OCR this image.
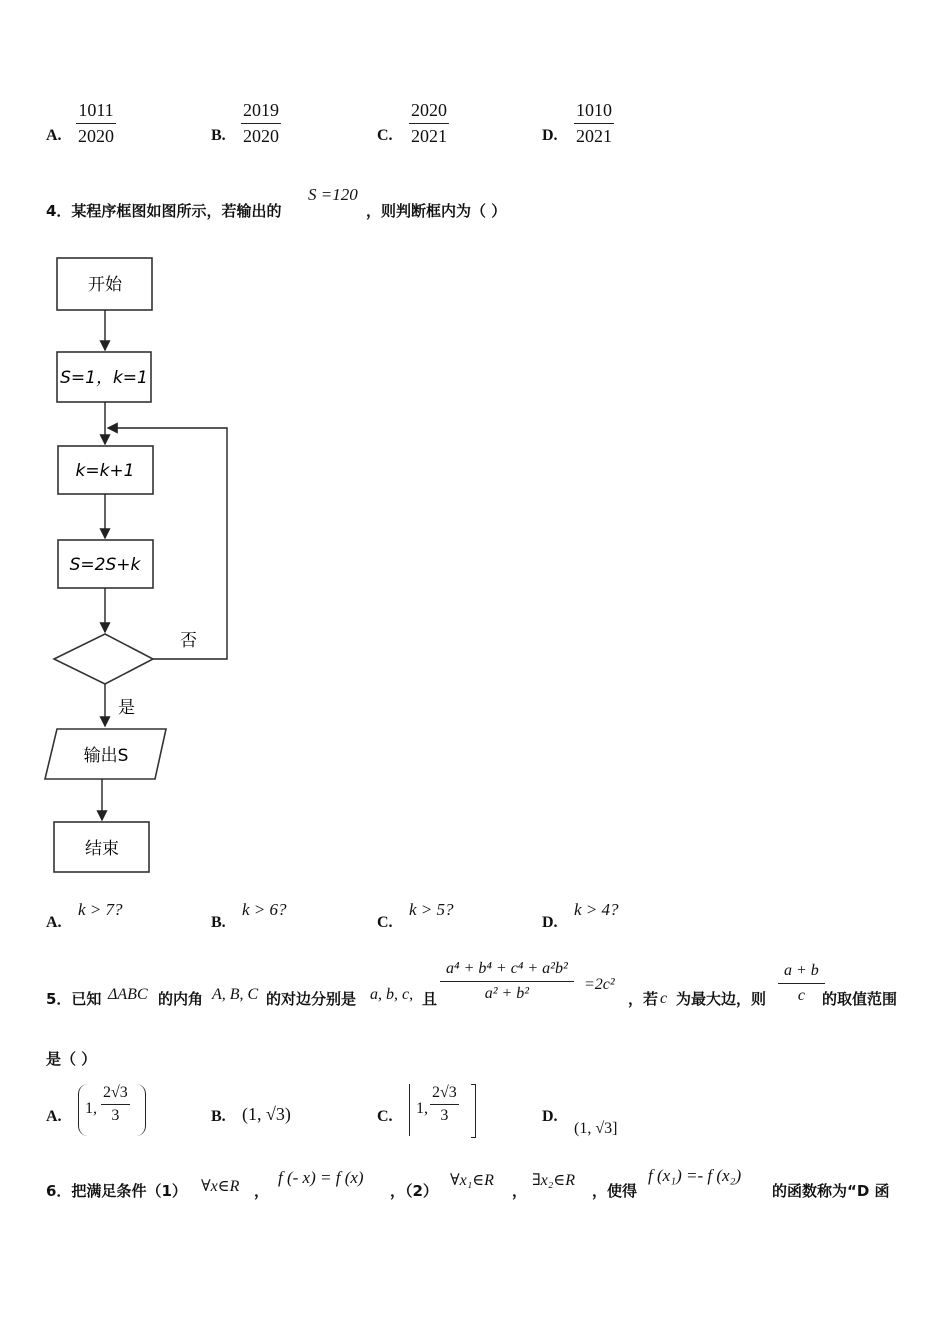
A. $\frac{1011}{2020}$	B. $\frac{2019}{2020}$	C. $\frac{2020}{2021}$	D. $\frac{1010}{2021}$
4．某程序框图如图所示，若输出的
S =120
，则判断框内为（ ）
开始
S=1，k=1
k=k+1
S=2S+k
否
是
输出S
结束
A.
k > 7?
B.
k > 6?
C.
k > 5?
D.
k > 4?
5．已知 ΔABC 的内角 A, B, C 的对边分别是 a, b, c, 且 $\frac{\text{a⁴ + b⁴ + c⁴ + a²b²}}{\text{a² + b²}} =2c^2$
，若 c 为最大边，则 $\frac{a + b}{c}$
的取值范围
是（ ）
A. 1, $\frac{2√3}{3}$	B. (1, √3)	C. 1, $\frac{2√3}{3}$	D.
(1, √3]
6．把满足条件（1） ∀x∈R ，
f (- x) = f (x)
，（2）
∀x₁∈R
，
∃x₂∈R
，使得
f (x₁) =- f (x₂)
的函数称为“D 函
